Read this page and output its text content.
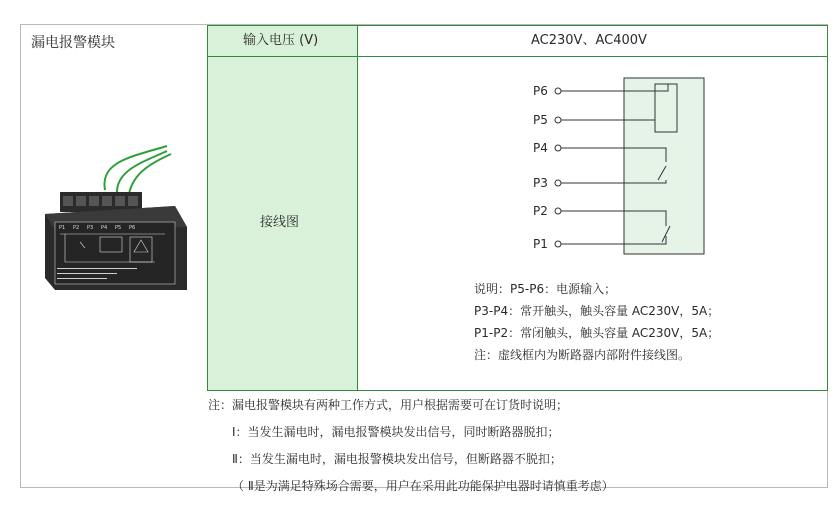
漏电报警模块	输入电压 (V)	AC230V、AC400V
接线图
P1 P2 P3 P4 P5 P6
P6
P5
P4
P3
P2
P1
说明：P5-P6：电源输入；
P3-P4：常开触头，触头容量 AC230V，5A；
P1-P2：常闭触头，触头容量 AC230V，5A；
注：虚线框内为断路器内部附件接线图。
注：漏电报警模块有两种工作方式，用户根据需要可在订货时说明；
Ⅰ：当发生漏电时，漏电报警模块发出信号，同时断路器脱扣；
Ⅱ：当发生漏电时，漏电报警模块发出信号，但断路器不脱扣；
（ Ⅱ是为满足特殊场合需要，用户在采用此功能保护电器时请慎重考虑）
